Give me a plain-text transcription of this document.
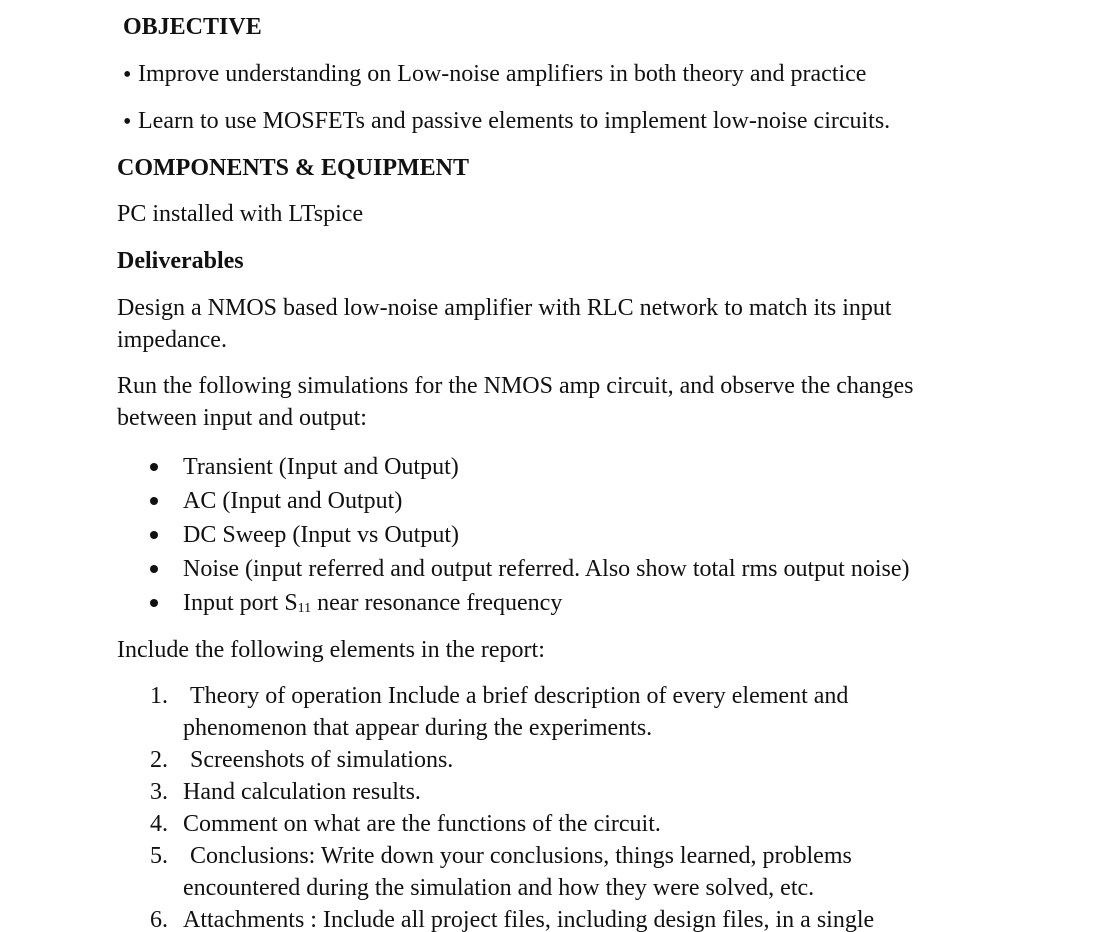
OBJECTIVE
• Improve understanding on Low-noise amplifiers in both theory and practice
• Learn to use MOSFETs and passive elements to implement low-noise circuits.
COMPONENTS & EQUIPMENT
PC installed with LTspice
Deliverables
Design a NMOS based low-noise amplifier with RLC network to match its input
impedance.
Run the following simulations for the NMOS amp circuit, and observe the changes
between input and output:
Transient (Input and Output)
AC (Input and Output)
DC Sweep (Input vs Output)
Noise (input referred and output referred. Also show total rms output noise)
Input port $S_{11}$ near resonance frequency
Include the following elements in the report:
1. Theory of operation Include a brief description of every element and
phenomenon that appear during the experiments.
2. Screenshots of simulations.
3. Hand calculation results.
4. Comment on what are the functions of the circuit.
5. Conclusions: Write down your conclusions, things learned, problems
encountered during the simulation and how they were solved, etc.
6. Attachments : Include all project files, including design files, in a single
